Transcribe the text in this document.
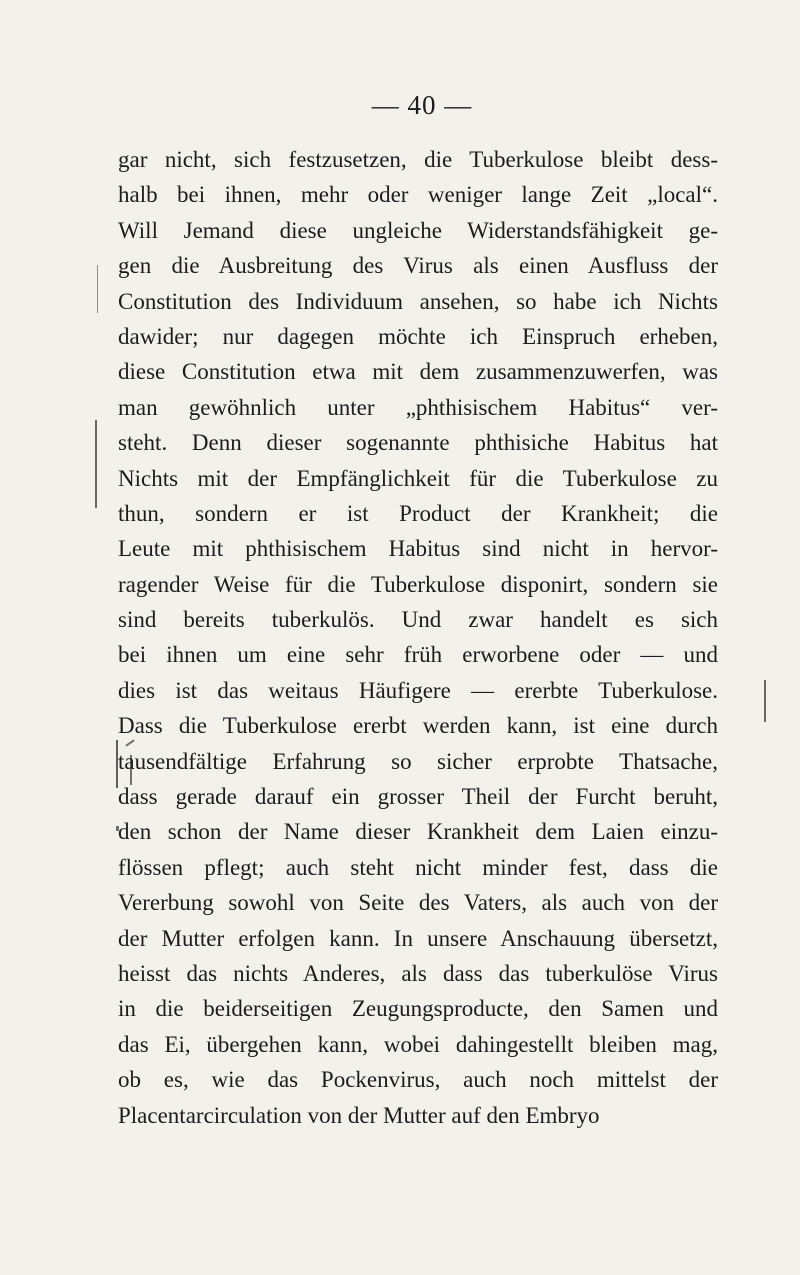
— 40 —
gar nicht, sich festzusetzen, die Tuberkulose bleibt dess-
halb bei ihnen, mehr oder weniger lange Zeit „local“.
Will Jemand diese ungleiche Widerstandsfähigkeit ge-
gen die Ausbreitung des Virus als einen Ausfluss der
Constitution des Individuum ansehen, so habe ich Nichts
dawider; nur dagegen möchte ich Einspruch erheben,
diese Constitution etwa mit dem zusammenzuwerfen, was
man gewöhnlich unter „phthisischem Habitus“ ver-
steht. Denn dieser sogenannte phthisiche Habitus hat
Nichts mit der Empfänglichkeit für die Tuberkulose zu
thun, sondern er ist Product der Krankheit; die
Leute mit phthisischem Habitus sind nicht in hervor-
ragender Weise für die Tuberkulose disponirt, sondern sie
sind bereits tuberkulös. Und zwar handelt es sich
bei ihnen um eine sehr früh erworbene oder — und
dies ist das weitaus Häufigere — ererbte Tuberkulose.
Dass die Tuberkulose ererbt werden kann, ist eine durch
tausendfältige Erfahrung so sicher erprobte Thatsache,
dass gerade darauf ein grosser Theil der Furcht beruht,
den schon der Name dieser Krankheit dem Laien einzu-
flössen pflegt; auch steht nicht minder fest, dass die
Vererbung sowohl von Seite des Vaters, als auch von der
der Mutter erfolgen kann. In unsere Anschauung übersetzt,
heisst das nichts Anderes, als dass das tuberkulöse Virus
in die beiderseitigen Zeugungsproducte, den Samen und
das Ei, übergehen kann, wobei dahingestellt bleiben mag,
ob es, wie das Pockenvirus, auch noch mittelst der
Placentarcirculation von der Mutter auf den Embryo
